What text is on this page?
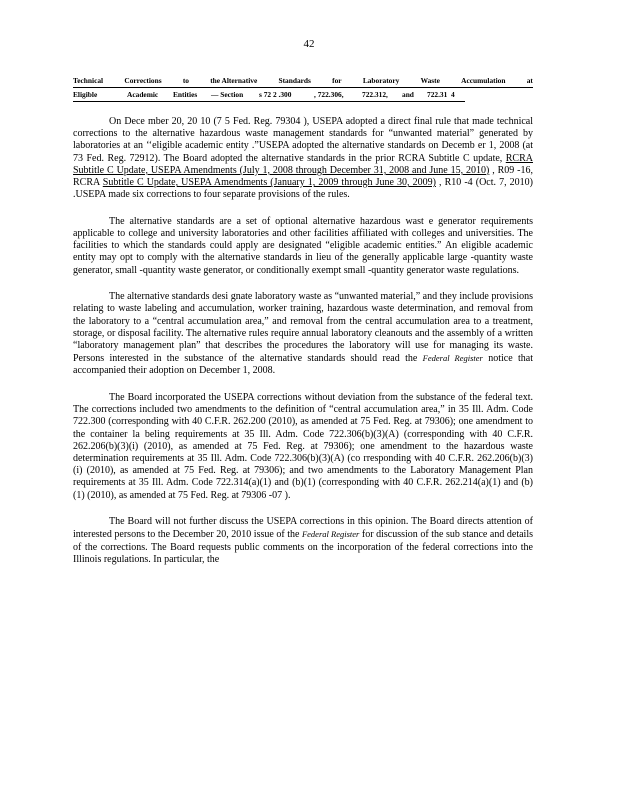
42
Technical	Corrections	to	the Alternative	Standards	for	Laboratory	Waste	Accumulation	at
Eligible	Academic	Entities	— Section	s 72 2 .300	, 722.306,	722.312,	and	722.31 4

On Dece mber 20, 20 10 (7 5 Fed. Reg. 79304 ), USEPA adopted a direct final rule that made technical corrections to the alternative hazardous waste management standards for “unwanted material” generated by laboratories at an ‘‘eligible academic entity .”USEPA adopted the alternative standards on Decemb er 1, 2008 (at 73 Fed. Reg. 72912). The Board adopted the alternative standards in the prior RCRA Subtitle C update, RCRA Subtitle C Update, USEPA Amendments (July 1, 2008 through December 31, 2008 and June 15, 2010) , R09 -16, RCRA Subtitle C Update, USEPA Amendments (January 1, 2009 through June 30, 2009) , R10 -4 (Oct. 7, 2010) .USEPA made six corrections to four separate provisions of the rules.

The alternative standards are a set of optional alternative hazardous wast e generator requirements applicable to college and university laboratories and other facilities affiliated with colleges and universities. The facilities to which the standards could apply are designated “eligible academic entities.” An eligible academic entity may opt to comply with the alternative standards in lieu of the generally applicable large -quantity waste generator, small -quantity waste generator, or conditionally exempt small -quantity generator waste regulations.

The alternative standards desi gnate laboratory waste as “unwanted material,” and they include provisions relating to waste labeling and accumulation, worker training, hazardous waste determination, and removal from the laboratory to a “central accumulation area,” and removal from the central accumulation area to a treatment, storage, or disposal facility. The alternative rules require annual laboratory cleanouts and the assembly of a written “laboratory management plan” that describes the procedures the laboratory will use for managing its waste. Persons interested in the substance of the alternative standards should read the Federal Register notice that accompanied their adoption on December 1, 2008.

The Board incorporated the USEPA corrections without deviation from the substance of the federal text. The corrections included two amendments to the definition of “central accumulation area,” in 35 Ill. Adm. Code 722.300 (corresponding with 40 C.F.R. 262.200 (2010), as amended at 75 Fed. Reg. at 79306); one amendment to the container la beling requirements at 35 Ill. Adm. Code 722.306(b)(3)(A) (corresponding with 40 C.F.R. 262.206(b)(3)(i) (2010), as amended at 75 Fed. Reg. at 79306); one amendment to the hazardous waste determination requirements at 35 Ill. Adm. Code 722.306(b)(3)(A) (co rresponding with 40 C.F.R. 262.206(b)(3)(i) (2010), as amended at 75 Fed. Reg. at 79306); and two amendments to the Laboratory Management Plan requirements at 35 Ill. Adm. Code 722.314(a)(1) and (b)(1) (corresponding with 40 C.F.R. 262.214(a)(1) and (b)(1) (2010), as amended at 75 Fed. Reg. at 79306 -07 ).

The Board will not further discuss the USEPA corrections in this opinion. The Board directs attention of interested persons to the December 20, 2010 issue of the Federal Register for discussion of the sub stance and details of the corrections. The Board requests public comments on the incorporation of the federal corrections into the Illinois regulations. In particular, the
